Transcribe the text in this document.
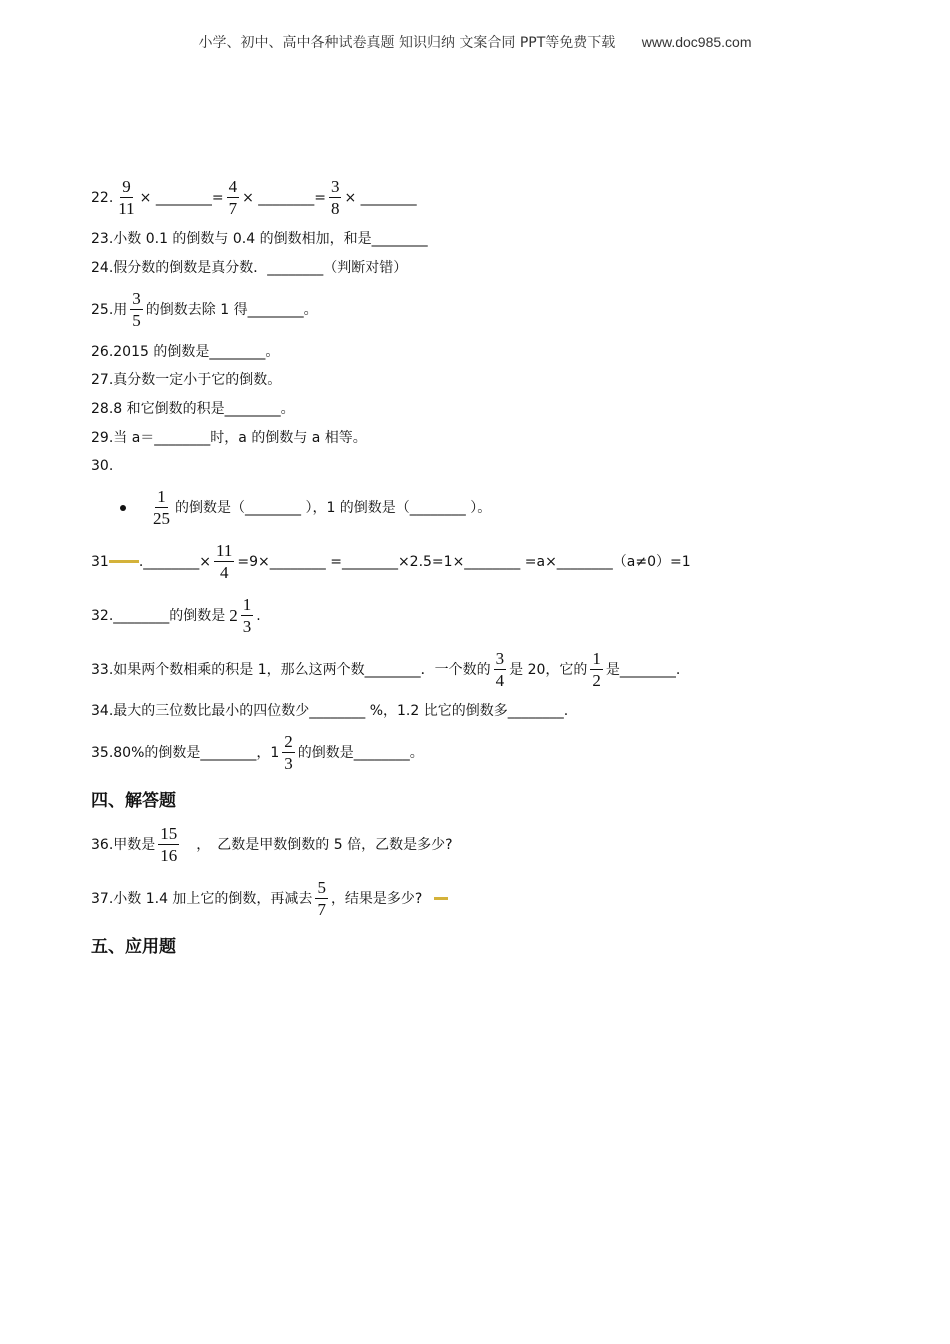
小学、初中、高中各种试卷真题 知识归纳 文案合同 PPT等免费下载 www.doc985.com
22. $\frac{9}{11}$ × ________= $\frac{4}{7}$ × ________= $\frac{3}{8}$ × ________
23.小数 0.1 的倒数与 0.4 的倒数相加，和是________
24.假分数的倒数是真分数．________（判断对错）
25.用 $\frac{3}{5}$ 的倒数去除 1 得________。
26.2015 的倒数是________。
27.真分数一定小于它的倒数。
28.8 和它倒数的积是________。
29.当 a＝________时，a 的倒数与 a 相等。
30.
$\frac{1}{25}$ 的倒数是（________ ），1 的倒数是（________ ）。
31 .________× $\frac{11}{4}$ =9×________ =________×2.5=1×________ =a×________（a≠0）=1
32.________的倒数是 $2 \frac{1}{3}$ .
33.如果两个数相乘的积是 1，那么这两个数________．一个数的 $\frac{3}{4}$ 是 20，它的 $\frac{1}{2}$ 是________.
34.最大的三位数比最小的四位数少________ %，1.2 比它的倒数多________.
35.80%的倒数是________，$1 \frac{2}{3}$ 的倒数是________。
四、解答题
36.甲数是 $\frac{15}{16}$ 　，　乙数是甲数倒数的 5 倍，乙数是多少?
37.小数 1.4 加上它的倒数，再减去 $\frac{5}{7}$ ，结果是多少?
五、应用题
